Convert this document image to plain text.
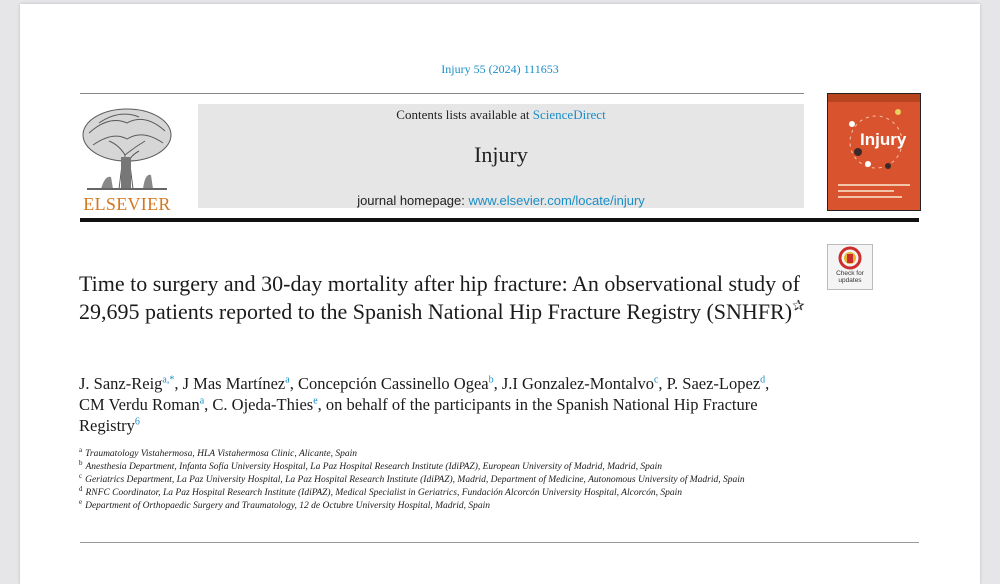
Injury 55 (2024) 111653
ELSEVIER
Contents lists available at ScienceDirect
Injury
journal homepage: www.elsevier.com/locate/injury
Injury
Check for
updates
Time to surgery and 30-day mortality after hip fracture: An observational study of 29,695 patients reported to the Spanish National Hip Fracture Registry (SNHFR)✰
J. Sanz-Reig$^{a,*}$, J Mas Martínez$^a$, Concepción Cassinello Ogea$^b$, J.I Gonzalez-Montalvo$^c$, P. Saez-Lopez$^d$, CM Verdu Roman$^a$, C. Ojeda-Thies$^e$, on behalf of the participants in the Spanish National Hip Fracture Registry$^6$
$^a$ Traumatology Vistahermosa, HLA Vistahermosa Clinic, Alicante, Spain
$^b$ Anesthesia Department, Infanta Sofía University Hospital, La Paz Hospital Research Institute (IdiPAZ), European University of Madrid, Madrid, Spain
$^c$ Geriatrics Department, La Paz University Hospital, La Paz Hospital Research Institute (IdiPAZ), Madrid, Department of Medicine, Autonomous University of Madrid, Spain
$^d$ RNFC Coordinator, La Paz Hospital Research Institute (IdiPAZ), Medical Specialist in Geriatrics, Fundación Alcorcón University Hospital, Alcorcón, Spain
$^e$ Department of Orthopaedic Surgery and Traumatology, 12 de Octubre University Hospital, Madrid, Spain
